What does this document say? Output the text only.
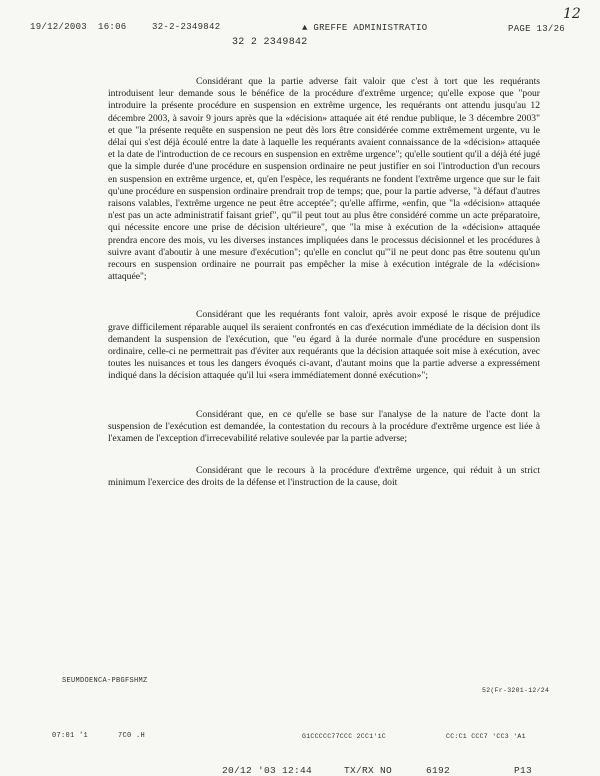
19/12/2003 16:06	32-2-2349842	▲ GREFFE ADMINISTRATIO	PAGE 13/26
12
32 2 2349842

Considérant que la partie adverse fait valoir que c'est à tort que les requérants introduisent leur demande sous le bénéfice de la procédure d'extrême urgence; qu'elle expose que "pour introduire la présente procédure en suspension en extrême urgence, les requérants ont attendu jusqu'au 12 décembre 2003, à savoir 9 jours après que la «décision» attaquée ait été rendue publique, le 3 décembre 2003" et que "la présente requête en suspension ne peut dès lors être considérée comme extrêmement urgente, vu le délai qui s'est déjà écoulé entre la date à laquelle les requérants avaient connaissance de la «décision» attaquée et la date de l'introduction de ce recours en suspension en extrême urgence"; qu'elle soutient qu'il a déjà été jugé que la simple durée d'une procédure en suspension ordinaire ne peut justifier en soi l'introduction d'un recours en suspension en extrême urgence, et, qu'en l'espèce, les requérants ne fondent l'extrême urgence que sur le fait qu'une procédure en suspension ordinaire prendrait trop de temps; que, pour la partie adverse, "à défaut d'autres raisons valables, l'extrême urgence ne peut être acceptée"; qu'elle affirme, «enfin, que "la «décision» attaquée n'est pas un acte administratif faisant grief", qu'"il peut tout au plus être considéré comme un acte préparatoire, qui nécessite encore une prise de décision ultérieure", que "la mise à exécution de la «décision» attaquée prendra encore des mois, vu les diverses instances impliquées dans le processus décisionnel et les procédures à suivre avant d'aboutir à une mesure d'exécution"; qu'elle en conclut qu'"il ne peut donc pas être soutenu qu'un recours en suspension ordinaire ne pourrait pas empêcher la mise à exécution intégrale de la «décision» attaquée";

Considérant que les requérants font valoir, après avoir exposé le risque de préjudice grave difficilement réparable auquel ils seraient confrontés en cas d'exécution immédiate de la décision dont ils demandent la suspension de l'exécution, que "eu égard à la durée normale d'une procédure en suspension ordinaire, celle-ci ne permettrait pas d'éviter aux requérants que la décision attaquée soit mise à exécution, avec toutes les nuisances et tous les dangers évoqués ci-avant, d'autant moins que la partie adverse a expressément indiqué dans la décision attaquée qu'il lui «sera immédiatement donné exécution»";

Considérant que, en ce qu'elle se base sur l'analyse de la nature de l'acte dont la suspension de l'exécution est demandée, la contestation du recours à la procédure d'extrême urgence est liée à l'examen de l'exception d'irrecevabilité relative soulevée par la partie adverse;

Considérant que le recours à la procédure d'extrême urgence, qui réduit à un strict minimum l'exercice des droits de la défense et l'instruction de la cause, doit

SEUMDOENCA-PBGFSHMZ
52(Fr-3201-12/24
07:01 '1	7C0 .H	G1CCCCC77CCC 2CC1'1C	CC:C1 CCC7 'CC3 'A1
20/12 '03 12:44	TX/RX NO	6192	P13
